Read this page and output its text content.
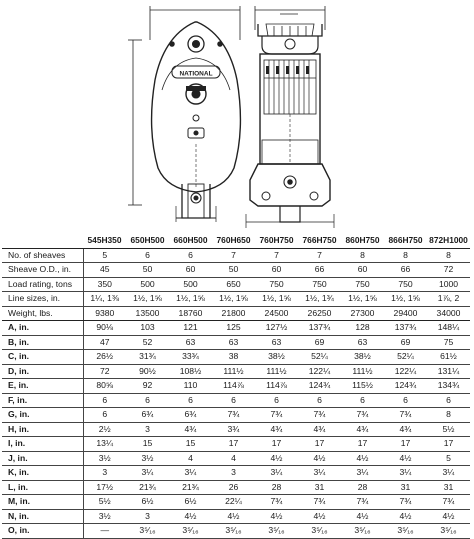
NATIONAL
	545H350	650H500	660H500	760H650	760H750	766H750	860H750	866H750	872H1000
No. of sheaves	5	6	6	7	7	7	8	8	8
Sheave O.D., in.	45	50	60	50	60	66	60	66	72
Load rating, tons	350	500	500	650	750	750	750	750	1000
Line sizes, in.	1¼, 1⅜	1½, 1⅝	1½, 1⅝	1½, 1⅝	1½, 1⅝	1½, 1¾	1½, 1⅝	1½, 1⅝	1⅞, 2
Weight, lbs.	9380	13500	18760	21800	24500	26250	27300	29400	34000
A, in.	90⅛	103	121	125	127½	137¾	128	137¾	148¼
B, in.	47	52	63	63	63	69	63	69	75
C, in.	26½	31¾	33¾	38	38½	52¼	38½	52¼	61½
D, in.	72	90½	108½	111½	111½	122¼	111½	122¼	131¼
E, in.	80⅝	92	110	114⅞	114⅞	124¾	115½	124¾	134¾
F, in.	6	6	6	6	6	6	6	6	6
G, in.	6	6¾	6¾	7¾	7¾	7¾	7¾	7¾	8
H, in.	2½	3	4¾	3¾	4¾	4¾	4¾	4¾	5½
I, in.	13¼	15	15	17	17	17	17	17	17
J, in.	3½	3½	4	4	4½	4½	4½	4½	5
K, in.	3	3¼	3¼	3	3¼	3¼	3¼	3¼	3¼
L, in.	17½	21¾	21¾	26	28	31	28	31	31
M, in.	5½	6½	6½	22¼	7¾	7¾	7¾	7¾	7¾
N, in.	3½	3	4½	4½	4½	4½	4½	4½	4½
O, in.	—	3⁵⁄₁₆	3⁵⁄₁₆	3⁵⁄₁₆	3⁵⁄₁₆	3⁵⁄₁₆	3⁵⁄₁₆	3⁵⁄₁₆	3⁵⁄₁₆
